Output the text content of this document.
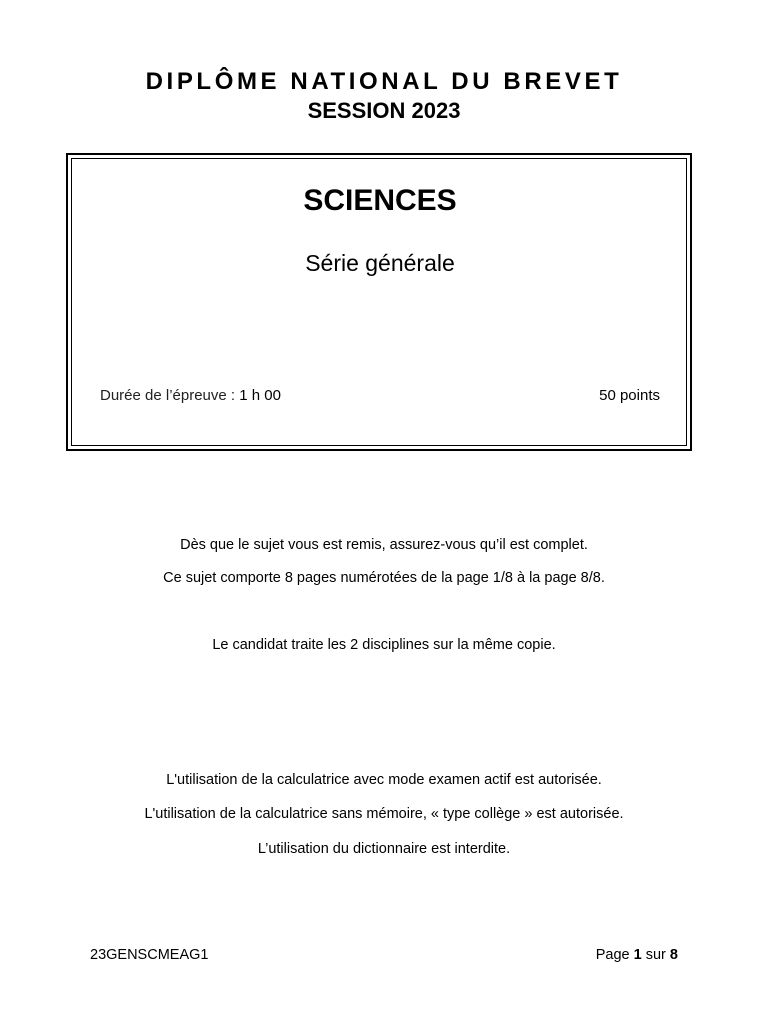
DIPLÔME NATIONAL DU BREVET
SESSION 2023
SCIENCES
Série générale
Durée de l’épreuve : 1 h 00	50 points
Dès que le sujet vous est remis, assurez-vous qu’il est complet.
Ce sujet comporte 8 pages numérotées de la page 1/8 à la page 8/8.
Le candidat traite les 2 disciplines sur la même copie.
L'utilisation de la calculatrice avec mode examen actif est autorisée.
L'utilisation de la calculatrice sans mémoire, « type collège » est autorisée.
L’utilisation du dictionnaire est interdite.
23GENSCMEAG1	Page 1 sur 8
